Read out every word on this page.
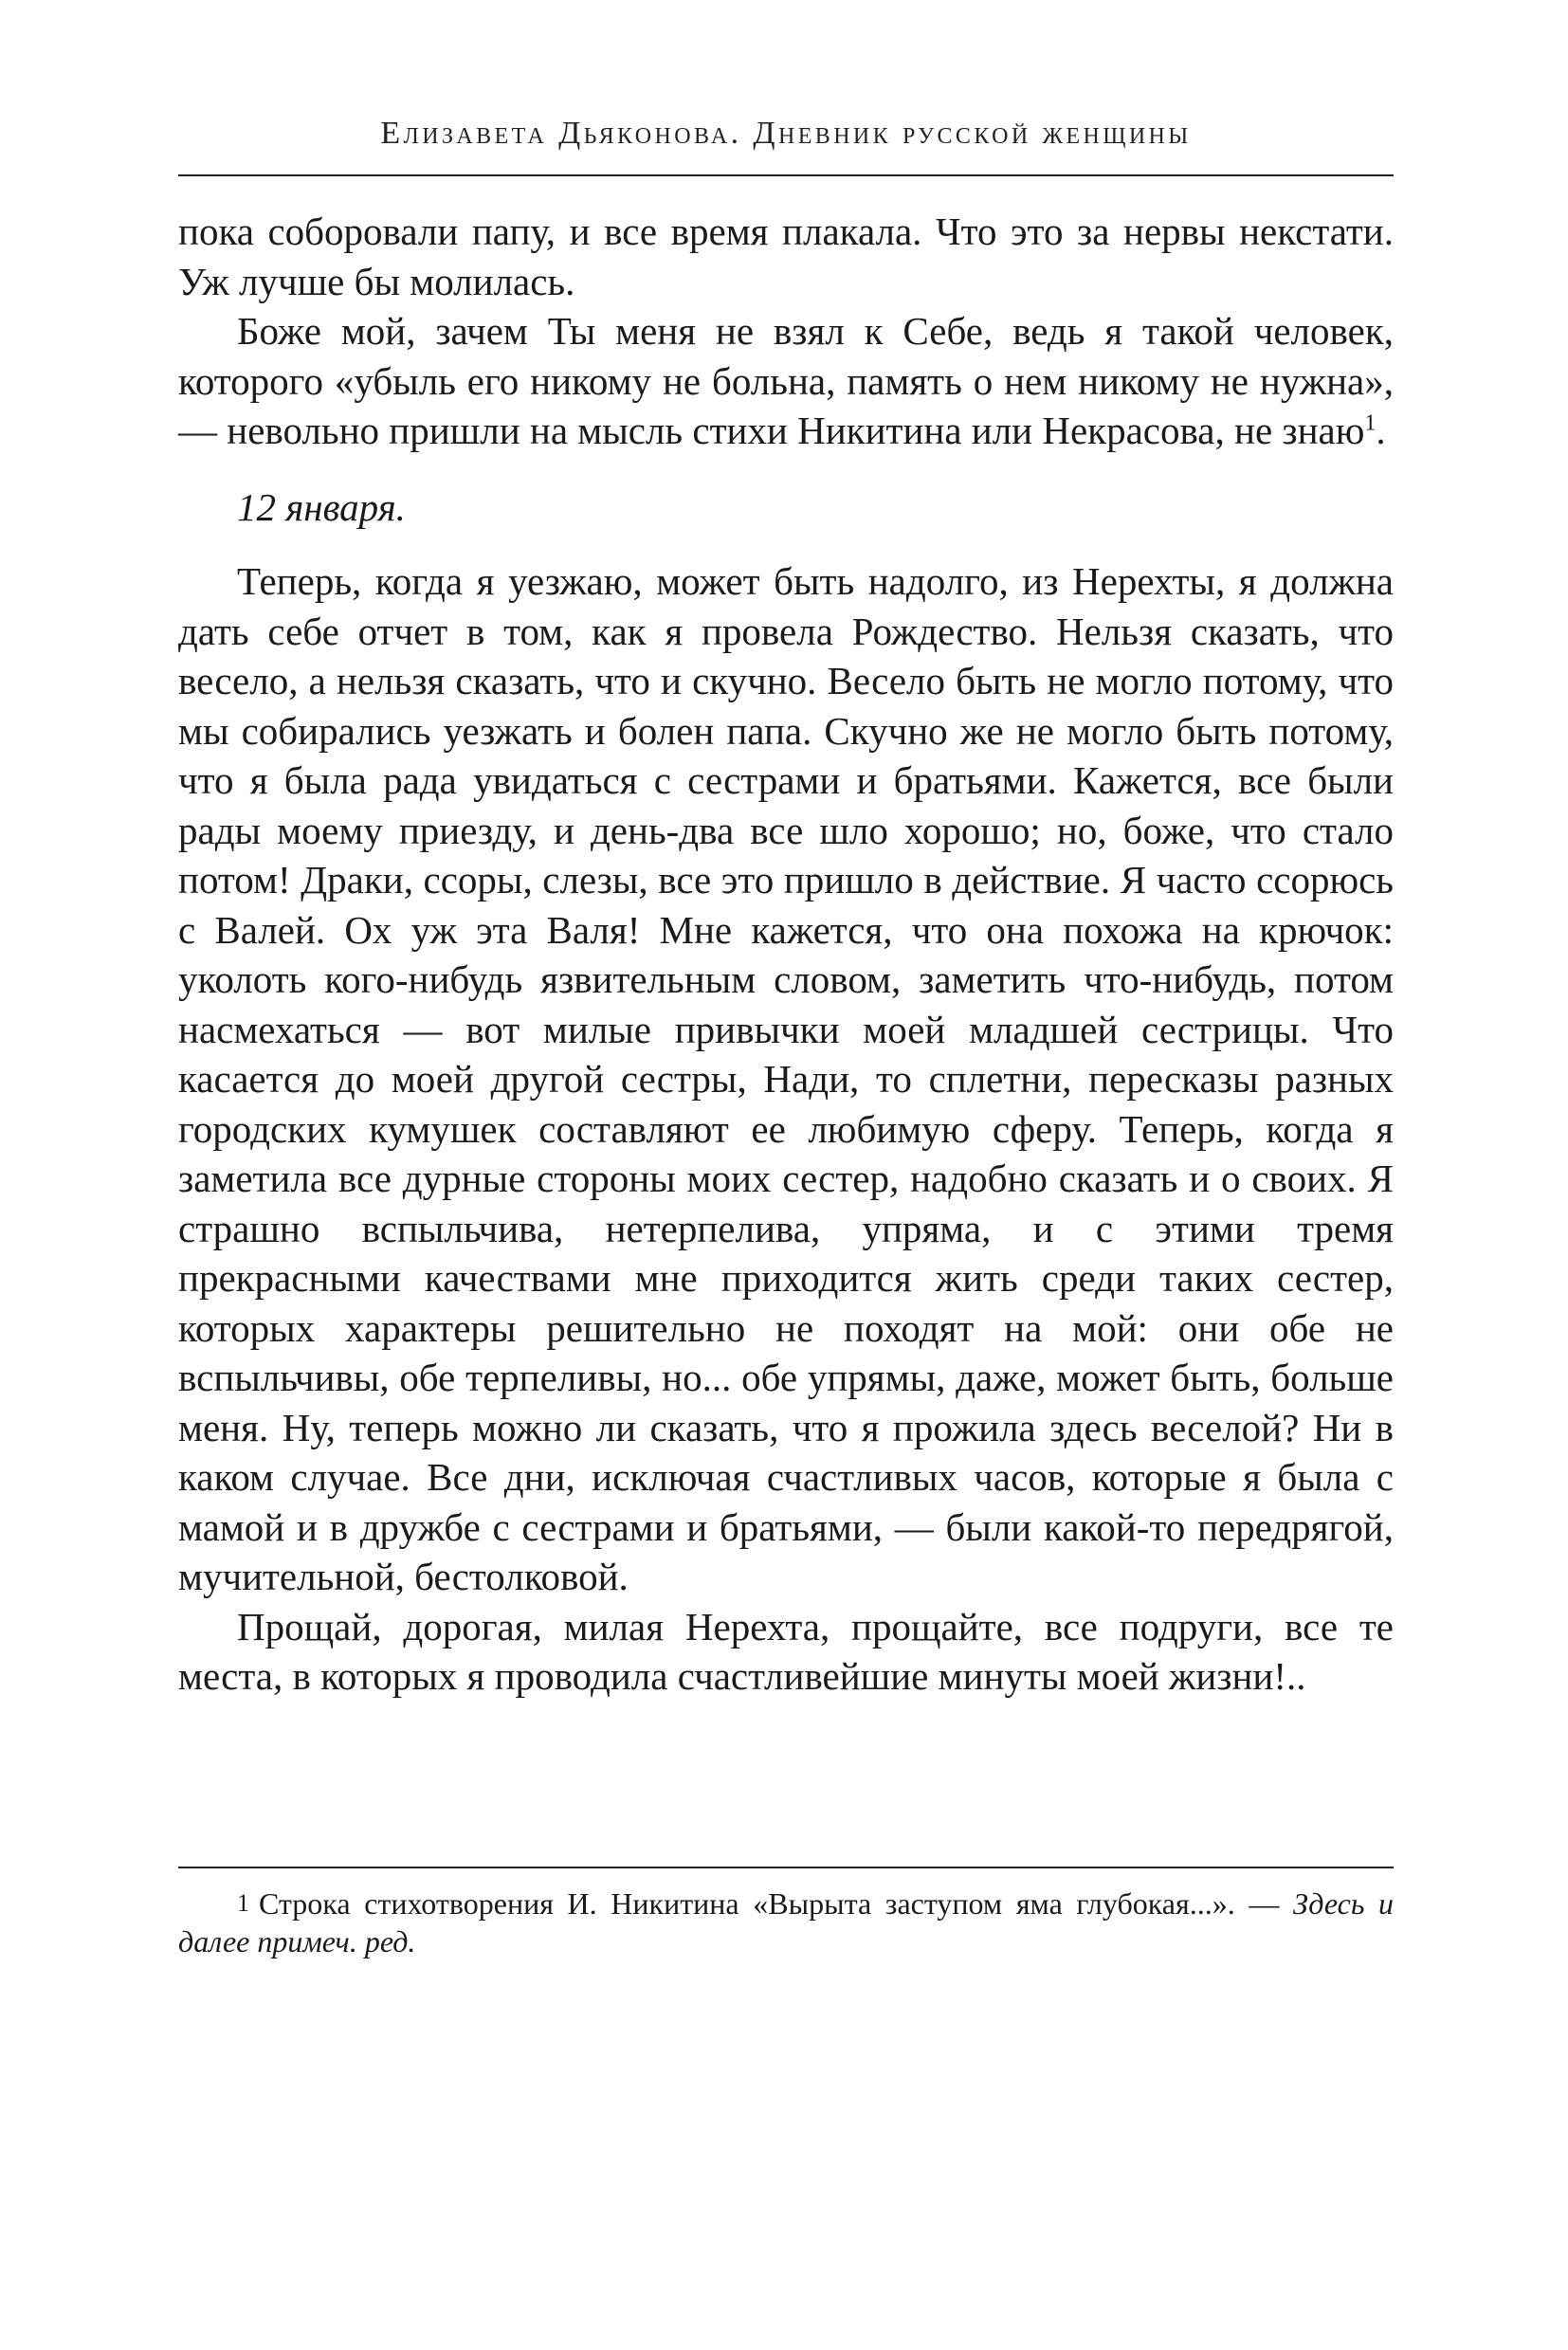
Елизавета Дьяконова. Дневник русской женщины

пока соборовали папу, и все время плакала. Что это за нервы некстати. Уж лучше бы молилась.

Боже мой, зачем Ты меня не взял к Себе, ведь я такой человек, которого «убыль его никому не больна, память о нем никому не нужна», — невольно пришли на мысль стихи Никитина или Некрасова, не знаю$^1$.

12 января.

Теперь, когда я уезжаю, может быть надолго, из Нерехты, я должна дать себе отчет в том, как я провела Рождество. Нельзя сказать, что весело, а нельзя сказать, что и скучно. Весело быть не могло потому, что мы собирались уезжать и болен папа. Скучно же не могло быть потому, что я была рада увидаться с сестрами и братьями. Кажется, все были рады моему приезду, и день-два все шло хорошо; но, боже, что стало потом! Драки, ссоры, слезы, все это пришло в действие. Я часто ссорюсь с Валей. Ох уж эта Валя! Мне кажется, что она похожа на крючок: уколоть кого-нибудь язвительным словом, заметить что-нибудь, потом насмехаться — вот милые привычки моей младшей сестрицы. Что касается до моей другой сестры, Нади, то сплетни, пересказы разных городских кумушек составляют ее любимую сферу. Теперь, когда я заметила все дурные стороны моих сестер, надобно сказать и о своих. Я страшно вспыльчива, нетерпелива, упряма, и с этими тремя прекрасными качествами мне приходится жить среди таких сестер, которых характеры решительно не походят на мой: они обе не вспыльчивы, обе терпеливы, но... обе упрямы, даже, может быть, больше меня. Ну, теперь можно ли сказать, что я прожила здесь веселой? Ни в каком случае. Все дни, исключая счастливых часов, которые я была с мамой и в дружбе с сестрами и братьями, — были какой-то передрягой, мучительной, бестолковой.

Прощай, дорогая, милая Нерехта, прощайте, все подруги, все те места, в которых я проводила счастливейшие минуты моей жизни!..

$^1$ Строка стихотворения И. Никитина «Вырыта заступом яма глубокая...». — Здесь и далее примеч. ред.
